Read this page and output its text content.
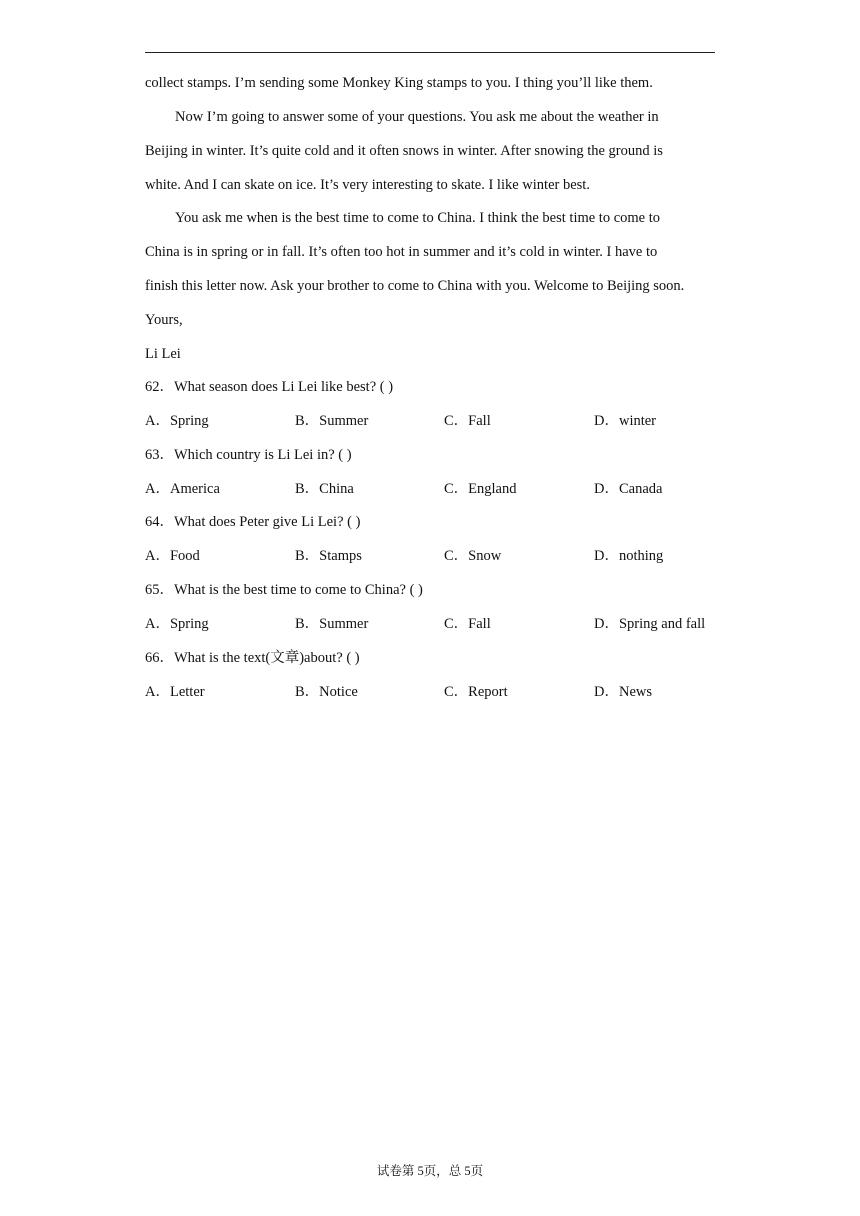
collect stamps. I’m sending some Monkey King stamps to you. I thing you’ll like them.
Now I’m going to answer some of your questions. You ask me about the weather in
Beijing in winter. It’s quite cold and it often snows in winter. After snowing the ground is
white. And I can skate on ice. It’s very interesting to skate. I like winter best.
You ask me when is the best time to come to China. I think the best time to come to
China is in spring or in fall. It’s often too hot in summer and it’s cold in winter. I have to
finish this letter now. Ask your brother to come to China with you. Welcome to Beijing soon.
Yours,
Li Lei
62．What season does Li Lei like best? ( )
A．Spring	B．Summer	C．Fall	D．winter
63．Which country is Li Lei in? ( )
A．America	B．China	C．England	D．Canada
64．What does Peter give Li Lei? ( )
A．Food	B．Stamps	C．Snow	D．nothing
65．What is the best time to come to China? ( )
A．Spring	B．Summer	C．Fall	D．Spring and fall
66．What is the text(文章)about? ( )
A．Letter	B．Notice	C．Report	D．News
试卷第 5页，总 5页
